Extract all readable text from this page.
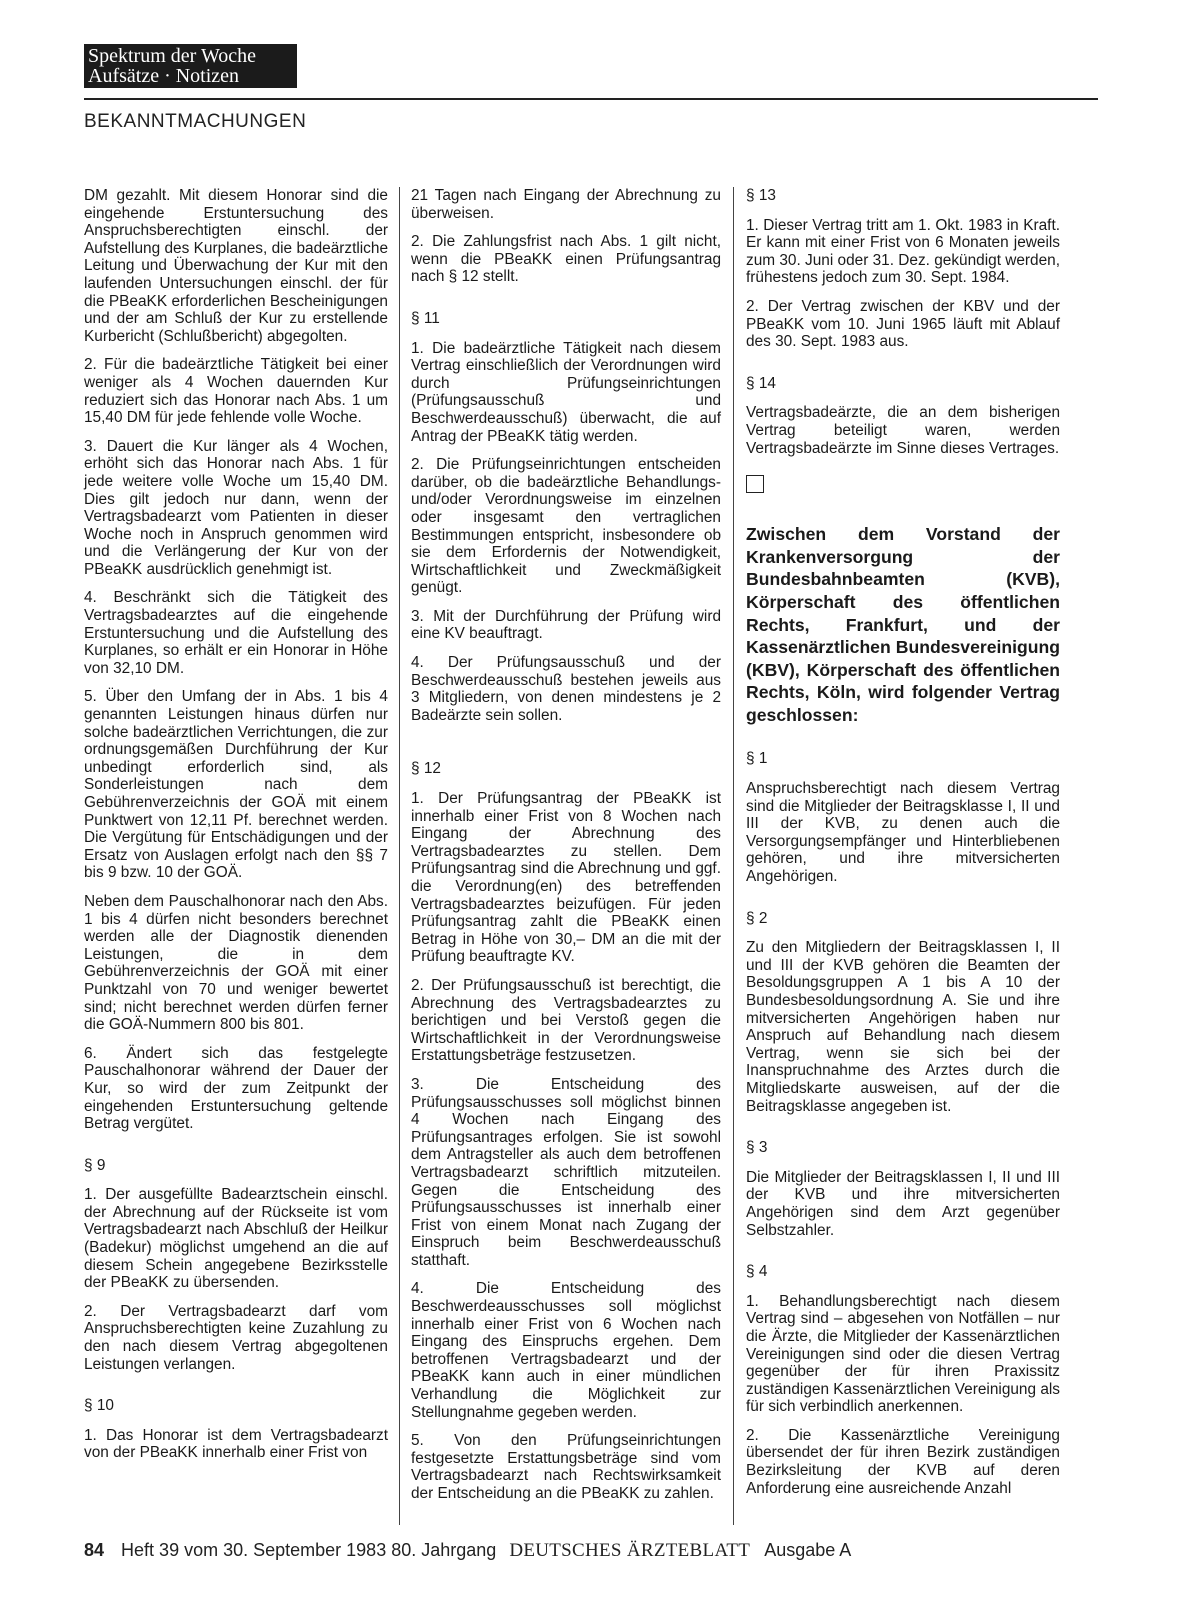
Spektrum der Woche
Aufsätze · Notizen
BEKANNTMACHUNGEN

DM gezahlt. Mit diesem Honorar sind die eingehende Erstuntersuchung des Anspruchsberechtigten einschl. der Aufstellung des Kurplanes, die badeärztliche Leitung und Überwachung der Kur mit den laufenden Untersuchungen einschl. der für die PBeaKK erforderlichen Bescheinigungen und der am Schluß der Kur zu erstellende Kurbericht (Schlußbericht) abgegolten.

2. Für die badeärztliche Tätigkeit bei einer weniger als 4 Wochen dauernden Kur reduziert sich das Honorar nach Abs. 1 um 15,40 DM für jede fehlende volle Woche.

3. Dauert die Kur länger als 4 Wochen, erhöht sich das Honorar nach Abs. 1 für jede weitere volle Woche um 15,40 DM. Dies gilt jedoch nur dann, wenn der Vertragsbadearzt vom Patienten in dieser Woche noch in Anspruch genommen wird und die Verlängerung der Kur von der PBeaKK ausdrücklich genehmigt ist.

4. Beschränkt sich die Tätigkeit des Vertragsbadearztes auf die eingehende Erstuntersuchung und die Aufstellung des Kurplanes, so erhält er ein Honorar in Höhe von 32,10 DM.

5. Über den Umfang der in Abs. 1 bis 4 genannten Leistungen hinaus dürfen nur solche badeärztlichen Verrichtungen, die zur ordnungsgemäßen Durchführung der Kur unbedingt erforderlich sind, als Sonderleistungen nach dem Gebührenverzeichnis der GOÄ mit einem Punktwert von 12,11 Pf. berechnet werden. Die Vergütung für Entschädigungen und der Ersatz von Auslagen erfolgt nach den §§ 7 bis 9 bzw. 10 der GOÄ.

Neben dem Pauschalhonorar nach den Abs. 1 bis 4 dürfen nicht besonders berechnet werden alle der Diagnostik dienenden Leistungen, die in dem Gebührenverzeichnis der GOÄ mit einer Punktzahl von 70 und weniger bewertet sind; nicht berechnet werden dürfen ferner die GOÄ-Nummern 800 bis 801.

6. Ändert sich das festgelegte Pauschalhonorar während der Dauer der Kur, so wird der zum Zeitpunkt der eingehenden Erstuntersuchung geltende Betrag vergütet.

§ 9

1. Der ausgefüllte Badearztschein einschl. der Abrechnung auf der Rückseite ist vom Vertragsbadearzt nach Abschluß der Heilkur (Badekur) möglichst umgehend an die auf diesem Schein angegebene Bezirksstelle der PBeaKK zu übersenden.

2. Der Vertragsbadearzt darf vom Anspruchsberechtigten keine Zuzahlung zu den nach diesem Vertrag abgegoltenen Leistungen verlangen.

§ 10

1. Das Honorar ist dem Vertragsbadearzt von der PBeaKK innerhalb einer Frist von

21 Tagen nach Eingang der Abrechnung zu überweisen.

2. Die Zahlungsfrist nach Abs. 1 gilt nicht, wenn die PBeaKK einen Prüfungsantrag nach § 12 stellt.

§ 11

1. Die badeärztliche Tätigkeit nach diesem Vertrag einschließlich der Verordnungen wird durch Prüfungseinrichtungen (Prüfungsausschuß und Beschwerdeausschuß) überwacht, die auf Antrag der PBeaKK tätig werden.

2. Die Prüfungseinrichtungen entscheiden darüber, ob die badeärztliche Behandlungs- und/oder Verordnungsweise im einzelnen oder insgesamt den vertraglichen Bestimmungen entspricht, insbesondere ob sie dem Erfordernis der Notwendigkeit, Wirtschaftlichkeit und Zweckmäßigkeit genügt.

3. Mit der Durchführung der Prüfung wird eine KV beauftragt.

4. Der Prüfungsausschuß und der Beschwerdeausschuß bestehen jeweils aus 3 Mitgliedern, von denen mindestens je 2 Badeärzte sein sollen.

§ 12

1. Der Prüfungsantrag der PBeaKK ist innerhalb einer Frist von 8 Wochen nach Eingang der Abrechnung des Vertragsbadearztes zu stellen. Dem Prüfungsantrag sind die Abrechnung und ggf. die Verordnung(en) des betreffenden Vertragsbadearztes beizufügen. Für jeden Prüfungsantrag zahlt die PBeaKK einen Betrag in Höhe von 30,– DM an die mit der Prüfung beauftragte KV.

2. Der Prüfungsausschuß ist berechtigt, die Abrechnung des Vertragsbadearztes zu berichtigen und bei Verstoß gegen die Wirtschaftlichkeit in der Verordnungsweise Erstattungsbeträge festzusetzen.

3. Die Entscheidung des Prüfungsausschusses soll möglichst binnen 4 Wochen nach Eingang des Prüfungsantrages erfolgen. Sie ist sowohl dem Antragsteller als auch dem betroffenen Vertragsbadearzt schriftlich mitzuteilen. Gegen die Entscheidung des Prüfungsausschusses ist innerhalb einer Frist von einem Monat nach Zugang der Einspruch beim Beschwerdeausschuß statthaft.

4. Die Entscheidung des Beschwerdeausschusses soll möglichst innerhalb einer Frist von 6 Wochen nach Eingang des Einspruchs ergehen. Dem betroffenen Vertragsbadearzt und der PBeaKK kann auch in einer mündlichen Verhandlung die Möglichkeit zur Stellungnahme gegeben werden.

5. Von den Prüfungseinrichtungen festgesetzte Erstattungsbeträge sind vom Vertragsbadearzt nach Rechtswirksamkeit der Entscheidung an die PBeaKK zu zahlen.

§ 13

1. Dieser Vertrag tritt am 1. Okt. 1983 in Kraft. Er kann mit einer Frist von 6 Monaten jeweils zum 30. Juni oder 31. Dez. gekündigt werden, frühestens jedoch zum 30. Sept. 1984.

2. Der Vertrag zwischen der KBV und der PBeaKK vom 10. Juni 1965 läuft mit Ablauf des 30. Sept. 1983 aus.

§ 14

Vertragsbadeärzte, die an dem bisherigen Vertrag beteiligt waren, werden Vertragsbadeärzte im Sinne dieses Vertrages.

Zwischen dem Vorstand der Krankenversorgung der Bundesbahnbeamten (KVB), Körperschaft des öffentlichen Rechts, Frankfurt, und der Kassenärztlichen Bundesvereinigung (KBV), Körperschaft des öffentlichen Rechts, Köln, wird folgender Vertrag geschlossen:
§ 1

Anspruchsberechtigt nach diesem Vertrag sind die Mitglieder der Beitragsklasse I, II und III der KVB, zu denen auch die Versorgungsempfänger und Hinterbliebenen gehören, und ihre mitversicherten Angehörigen.

§ 2

Zu den Mitgliedern der Beitragsklassen I, II und III der KVB gehören die Beamten der Besoldungsgruppen A 1 bis A 10 der Bundesbesoldungsordnung A. Sie und ihre mitversicherten Angehörigen haben nur Anspruch auf Behandlung nach diesem Vertrag, wenn sie sich bei der Inanspruchnahme des Arztes durch die Mitgliedskarte ausweisen, auf der die Beitragsklasse angegeben ist.

§ 3

Die Mitglieder der Beitragsklassen I, II und III der KVB und ihre mitversicherten Angehörigen sind dem Arzt gegenüber Selbstzahler.

§ 4

1. Behandlungsberechtigt nach diesem Vertrag sind – abgesehen von Notfällen – nur die Ärzte, die Mitglieder der Kassenärztlichen Vereinigungen sind oder die diesen Vertrag gegenüber der für ihren Praxissitz zuständigen Kassenärztlichen Vereinigung als für sich verbindlich anerkennen.

2. Die Kassenärztliche Vereinigung übersendet der für ihren Bezirk zuständigen Bezirksleitung der KVB auf deren Anforderung eine ausreichende Anzahl

84 Heft 39 vom 30. September 1983 80. Jahrgang DEUTSCHES ÄRZTEBLATT Ausgabe A
